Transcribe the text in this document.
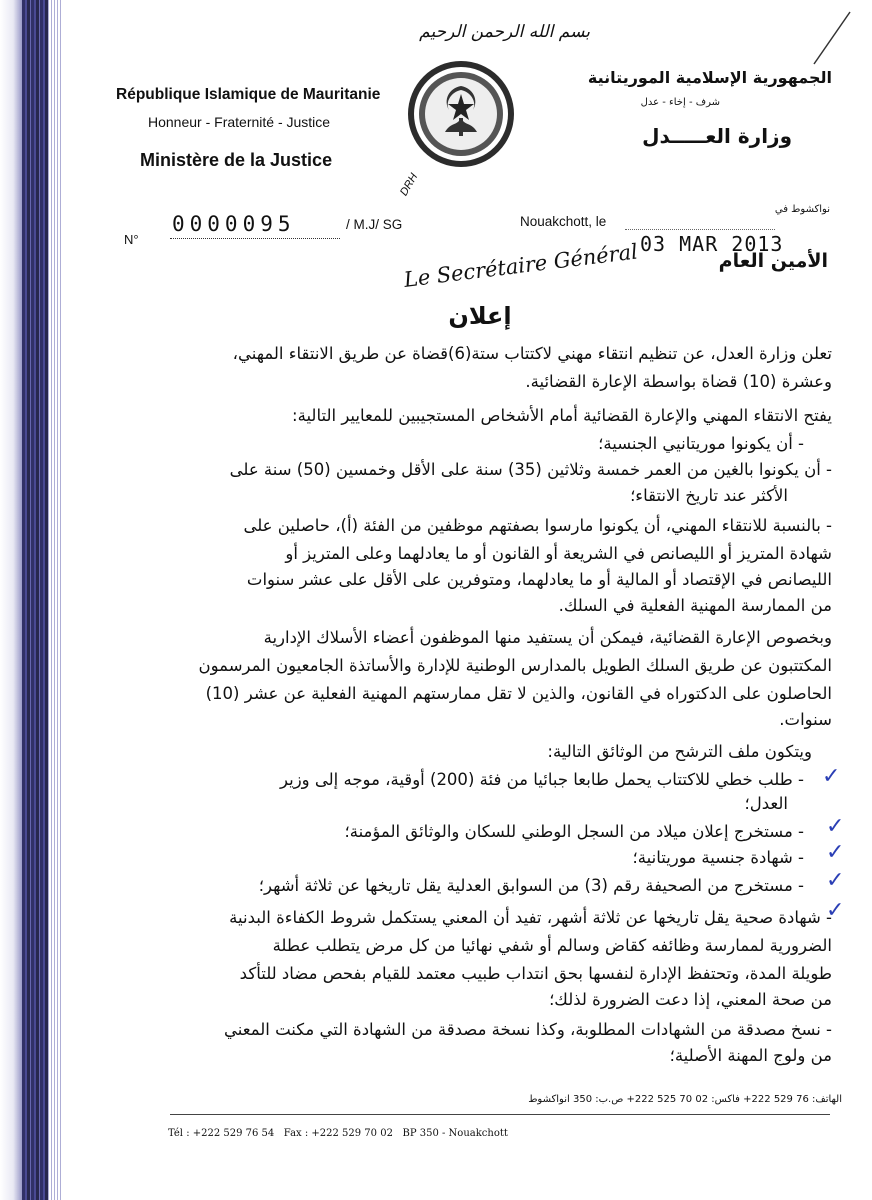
بسم الله الرحمن الرحيم
République Islamique de Mauritanie
Honneur - Fraternité - Justice
Ministère de la Justice
الجمهورية الإسلامية الموريتانية
شرف - إخاء - عدل
وزارة العـــــدل
N°
0000095	/ M.J/ SG
DRH
Nouakchott, le
نواكشوط في
03 MAR 2013
Le Secrétaire Général	الأمين العام
إعلان
تعلن وزارة العدل، عن تنظيم انتقاء مهني لاكتتاب ستة(6)قضاة عن طريق الانتقاء المهني،
وعشرة (10) قضاة بواسطة الإعارة القضائية.
يفتح الانتقاء المهني والإعارة القضائية أمام الأشخاص المستجيبين للمعايير التالية:
- أن يكونوا موريتانيي الجنسية؛
- أن يكونوا بالغين من العمر خمسة وثلاثين (35) سنة على الأقل وخمسين (50) سنة على
الأكثر عند تاريخ الانتقاء؛
- بالنسبة للانتقاء المهني، أن يكونوا مارسوا بصفتهم موظفين من الفئة (أ)، حاصلين على
شهادة المتريز أو الليصانص في الشريعة أو القانون أو ما يعادلهما وعلى المتريز أو
الليصانص في الإقتصاد أو المالية أو ما يعادلهما، ومتوفرين على الأقل على عشر سنوات
من الممارسة المهنية الفعلية في السلك.
وبخصوص الإعارة القضائية، فيمكن أن يستفيد منها الموظفون أعضاء الأسلاك الإدارية
المكتتبون عن طريق السلك الطويل بالمدارس الوطنية للإدارة والأساتذة الجامعيون المرسمون
الحاصلون على الدكتوراه في القانون، والذين لا تقل ممارستهم المهنية الفعلية عن عشر (10)
سنوات.
ويتكون ملف الترشح من الوثائق التالية:
- طلب خطي للاكتتاب يحمل طابعا جبائيا من فئة (200) أوقية، موجه إلى وزير
العدل؛
- مستخرج إعلان ميلاد من السجل الوطني للسكان والوثائق المؤمنة؛
- شهادة جنسية موريتانية؛
- مستخرج من الصحيفة رقم (3) من السوابق العدلية يقل تاريخها عن ثلاثة أشهر؛
- شهادة صحية يقل تاريخها عن ثلاثة أشهر، تفيد أن المعني يستكمل شروط الكفاءة البدنية
الضرورية لممارسة وظائفه كقاض وسالم أو شفي نهائيا من كل مرض يتطلب عطلة
طويلة المدة، وتحتفظ الإدارة لنفسها بحق انتداب طبيب معتمد للقيام بفحص مضاد للتأكد
من صحة المعني، إذا دعت الضرورة لذلك؛
- نسخ مصدقة من الشهادات المطلوبة، وكذا نسخة مصدقة من الشهادة التي مكنت المعني
من ولوج المهنة الأصلية؛
✓
✓
✓
✓
✓
الهاتف: 76 529 222+ فاكس: 02 70 525 222+ ص.ب: 350 انواكشوط
Tél : +222 529 76 54   Fax : +222 529 70 02   BP 350 - Nouakchott
